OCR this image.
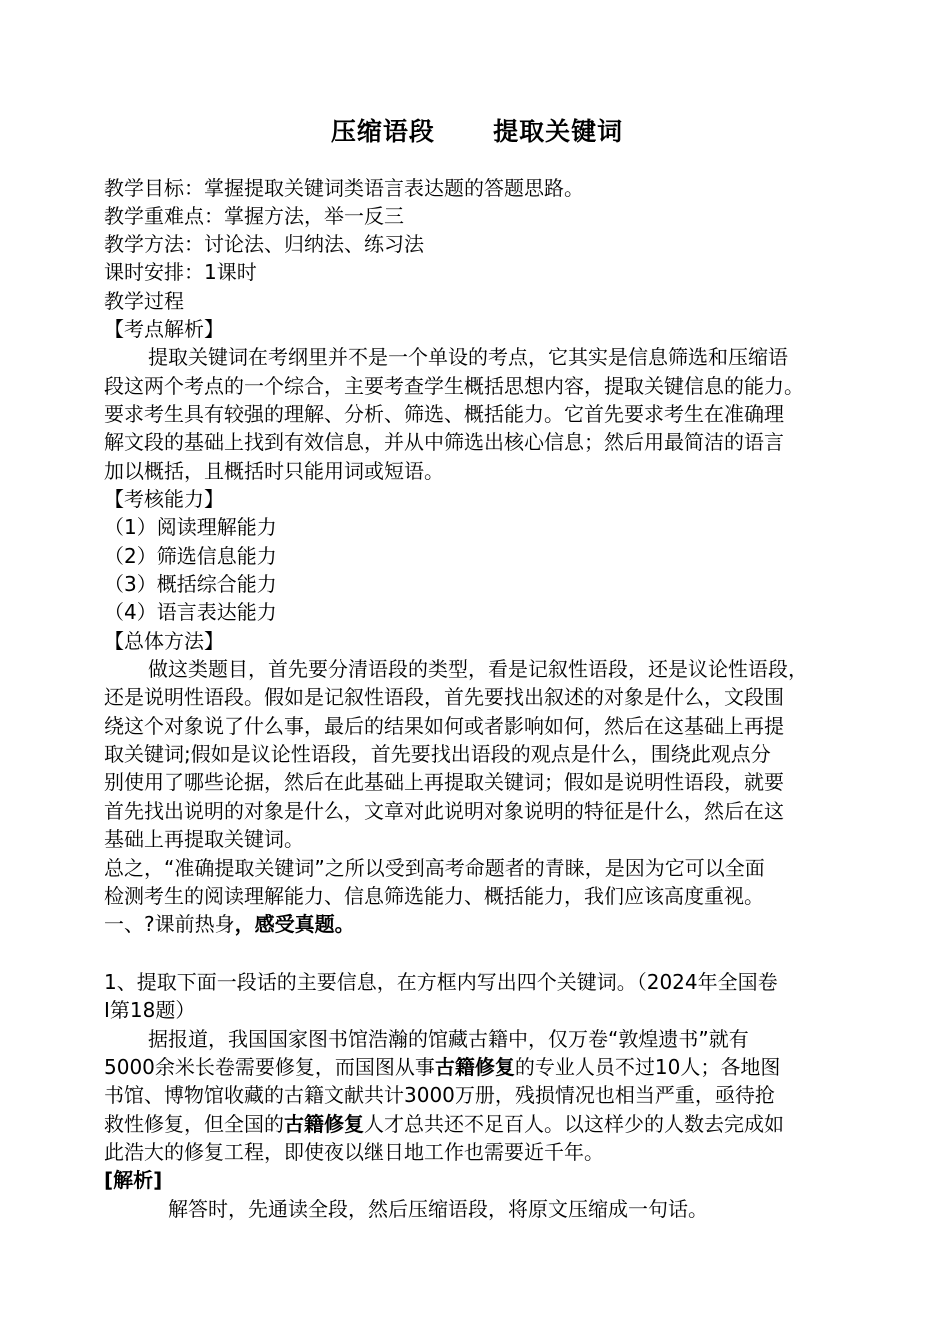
压缩语段      提取关键词
教学目标：掌握提取关键词类语言表达题的答题思路。
教学重难点：掌握方法，举一反三
教学方法：讨论法、归纳法、练习法
课时安排：1课时
教学过程
【考点解析】
提取关键词在考纲里并不是一个单设的考点，它其实是信息筛选和压缩语
段这两个考点的一个综合，主要考查学生概括思想内容，提取关键信息的能力。
要求考生具有较强的理解、分析、筛选、概括能力。它首先要求考生在准确理
解文段的基础上找到有效信息，并从中筛选出核心信息；然后用最简洁的语言
加以概括，且概括时只能用词或短语。
【考核能力】
（1）阅读理解能力
（2）筛选信息能力
（3）概括综合能力
（4）语言表达能力
【总体方法】
做这类题目，首先要分清语段的类型，看是记叙性语段，还是议论性语段，
还是说明性语段。假如是记叙性语段，首先要找出叙述的对象是什么，文段围
绕这个对象说了什么事，最后的结果如何或者影响如何，然后在这基础上再提
取关键词;假如是议论性语段，首先要找出语段的观点是什么，围绕此观点分
别使用了哪些论据，然后在此基础上再提取关键词；假如是说明性语段，就要
首先找出说明的对象是什么，文章对此说明对象说明的特征是什么，然后在这
基础上再提取关键词。
总之，“准确提取关键词”之所以受到高考命题者的青睐，是因为它可以全面
检测考生的阅读理解能力、信息筛选能力、概括能力，我们应该高度重视。
一、?课前热身，感受真题。
1、提取下面一段话的主要信息，在方框内写出四个关键词。（2024年全国卷
Ⅰ第18题）
据报道，我国国家图书馆浩瀚的馆藏古籍中，仅万卷“敦煌遗书”就有
5000余米长卷需要修复，而国图从事古籍修复的专业人员不过10人；各地图
书馆、博物馆收藏的古籍文献共计3000万册，残损情况也相当严重，亟待抢
救性修复，但全国的古籍修复人才总共还不足百人。以这样少的人数去完成如
此浩大的修复工程，即使夜以继日地工作也需要近千年。
[解析]
解答时，先通读全段，然后压缩语段，将原文压缩成一句话。
